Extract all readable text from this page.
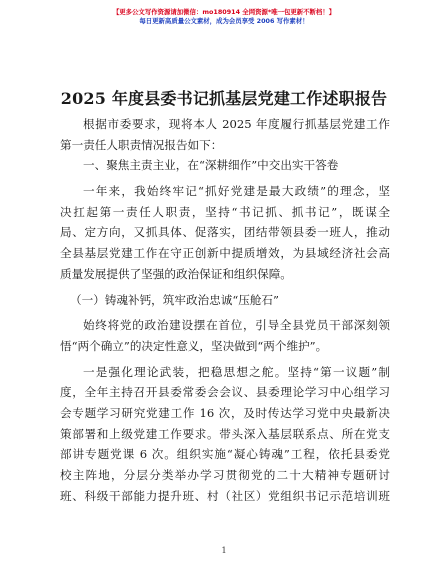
【更多公文写作资源请加微信：mo180914 全网资源*唯一包更新不断档！】
每日更新高质量公文素材，成为会员享受 2006 写作素材！
2025 年度县委书记抓基层党建工作述职报告
根据市委要求，现将本人 2025 年度履行抓基层党建工作
第一责任人职责情况报告如下：
一、聚焦主责主业，在“深耕细作”中交出实干答卷
一年来，我始终牢记“抓好党建是最大政绩”的理念，坚
决扛起第一责任人职责，坚持“书记抓、抓书记”，既谋全
局、定方向，又抓具体、促落实，团结带领县委一班人，推动
全县基层党建工作在守正创新中提质增效，为县域经济社会高
质量发展提供了坚强的政治保证和组织保障。
（一）铸魂补钙，筑牢政治忠诚“压舱石”
始终将党的政治建设摆在首位，引导全县党员干部深刻领
悟“两个确立”的决定性意义，坚决做到“两个维护”。
一是强化理论武装，把稳思想之舵。坚持“第一议题”制
度，全年主持召开县委常委会会议、县委理论学习中心组学习
会专题学习研究党建工作 16 次，及时传达学习党中央最新决
策部署和上级党建工作要求。带头深入基层联系点、所在党支
部讲专题党课 6 次。组织实施“凝心铸魂”工程，依托县委党
校主阵地，分层分类举办学习贯彻党的二十大精神专题研讨
班、科级干部能力提升班、村（社区）党组织书记示范培训班
1
